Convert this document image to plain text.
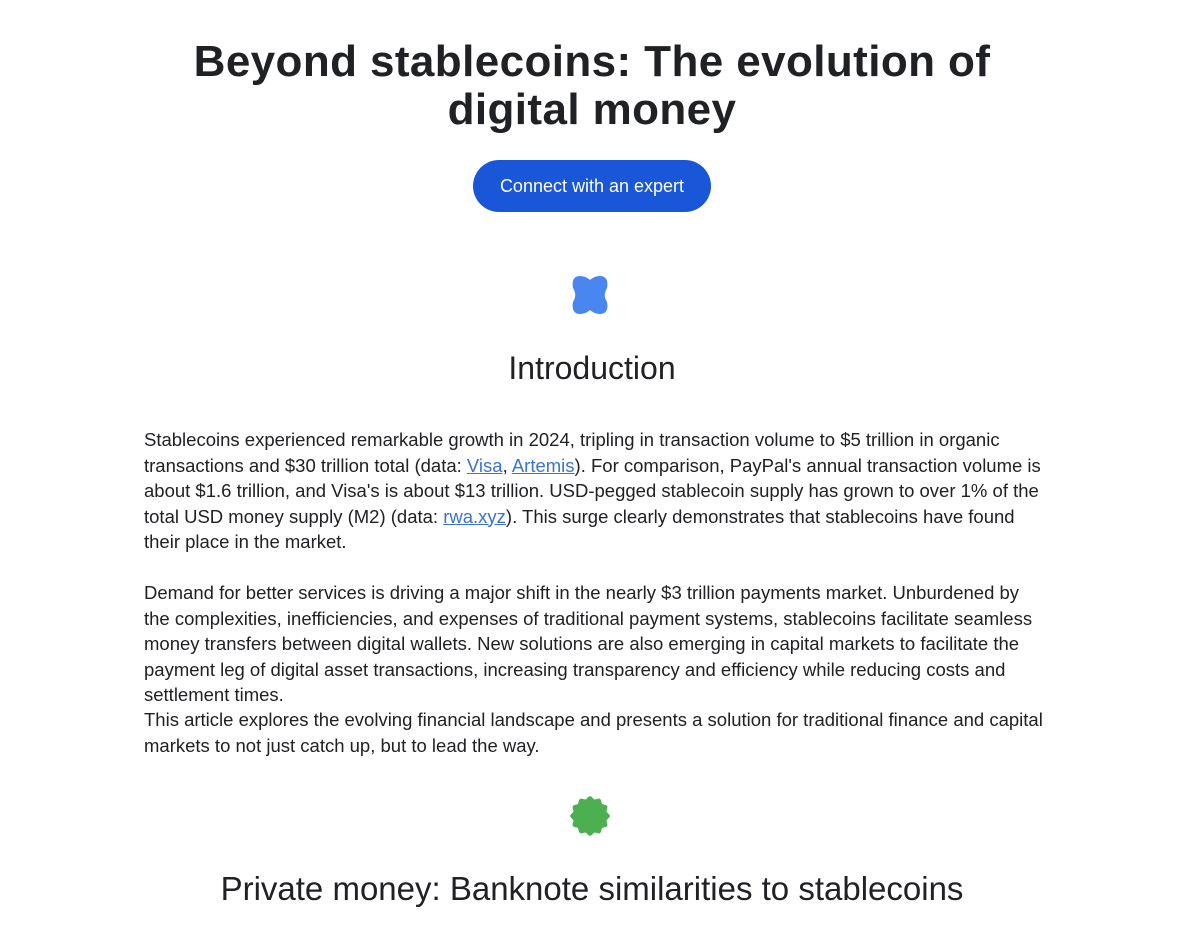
Beyond stablecoins: The evolution of digital money
Connect with an expert
Introduction

Stablecoins experienced remarkable growth in 2024, tripling in transaction volume to $5 trillion in organic transactions and $30 trillion total (data: Visa, Artemis). For comparison, PayPal's annual transaction volume is about $1.6 trillion, and Visa's is about $13 trillion. USD-pegged stablecoin supply has grown to over 1% of the total USD money supply (M2) (data: rwa.xyz). This surge clearly demonstrates that stablecoins have found their place in the market.

Demand for better services is driving a major shift in the nearly $3 trillion payments market. Unburdened by the complexities, inefficiencies, and expenses of traditional payment systems, stablecoins facilitate seamless money transfers between digital wallets. New solutions are also emerging in capital markets to facilitate the payment leg of digital asset transactions, increasing transparency and efficiency while reducing costs and settlement times.

This article explores the evolving financial landscape and presents a solution for traditional finance and capital markets to not just catch up, but to lead the way.

Private money: Banknote similarities to stablecoins
